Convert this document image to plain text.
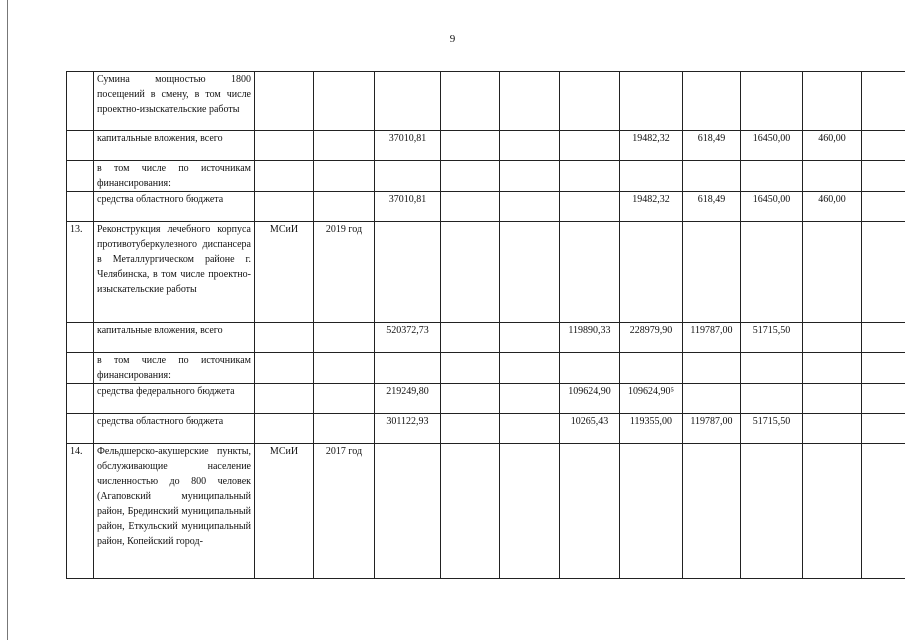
9
	Сумина мощностью 1800 посещений в смену, в том числе проектно-изыскательские работы											
	капитальные вложения, всего			37010,81				19482,32	618,49	16450,00	460,00	
	в том числе по источникам финансирования:											
	средства областного бюджета			37010,81				19482,32	618,49	16450,00	460,00	
13.	Реконструкция лечебного корпуса противотуберкулезного диспансера в Металлургическом районе г. Челябинска, в том числе проектно-изыскательские работы	МСиИ	2019 год									
	капитальные вложения, всего			520372,73			119890,33	228979,90	119787,00	51715,50		
	в том числе по источникам финансирования:											
	средства федерального бюджета			219249,80			109624,90	109624,90⁵				
	средства областного бюджета			301122,93			10265,43	119355,00	119787,00	51715,50		
14.	Фельдшерско-акушерские пункты, обслуживающие население численностью до 800 человек (Агаповский муниципальный район, Брединский муниципальный район, Еткульский муниципальный район, Копейский город-	МСиИ	2017 год									
